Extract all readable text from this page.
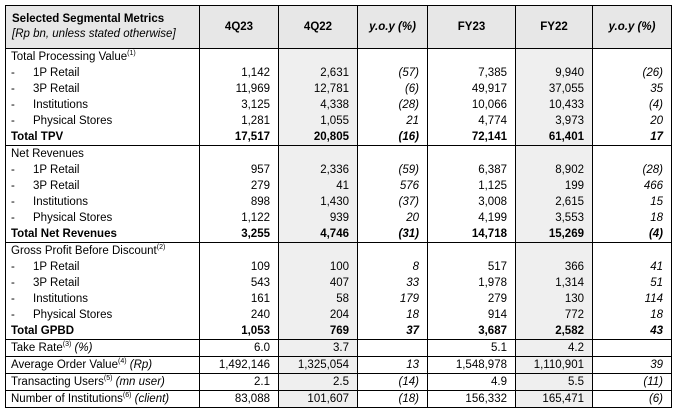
Selected Segmental Metrics
[Rp bn, unless stated otherwise]	4Q23	4Q22	y.o.y (%)	FY23	FY22	y.o.y (%)
Total Processing Value$^{(1)}$						
- 1P Retail	1,142	2,631	(57)	7,385	9,940	(26)
- 3P Retail	11,969	12,781	(6)	49,917	37,055	35
- Institutions	3,125	4,338	(28)	10,066	10,433	(4)
- Physical Stores	1,281	1,055	21	4,774	3,973	20
Total TPV	17,517	20,805	(16)	72,141	61,401	17
Net Revenues						
- 1P Retail	957	2,336	(59)	6,387	8,902	(28)
- 3P Retail	279	41	576	1,125	199	466
- Institutions	898	1,430	(37)	3,008	2,615	15
- Physical Stores	1,122	939	20	4,199	3,553	18
Total Net Revenues	3,255	4,746	(31)	14,718	15,269	(4)
Gross Profit Before Discount$^{(2)}$						
- 1P Retail	109	100	8	517	366	41
- 3P Retail	543	407	33	1,978	1,314	51
- Institutions	161	58	179	279	130	114
- Physical Stores	240	204	18	914	772	18
Total GPBD	1,053	769	37	3,687	2,582	43
Take Rate$^{(3)}$ (%)	6.0	3.7		5.1	4.2	
Average Order Value$^{(4)}$ (Rp)	1,492,146	1,325,054	13	1,548,978	1,110,901	39
Transacting Users$^{(5)}$ (mn user)	2.1	2.5	(14)	4.9	5.5	(11)
Number of Institutions$^{(6)}$ (client)	83,088	101,607	(18)	156,332	165,471	(6)
